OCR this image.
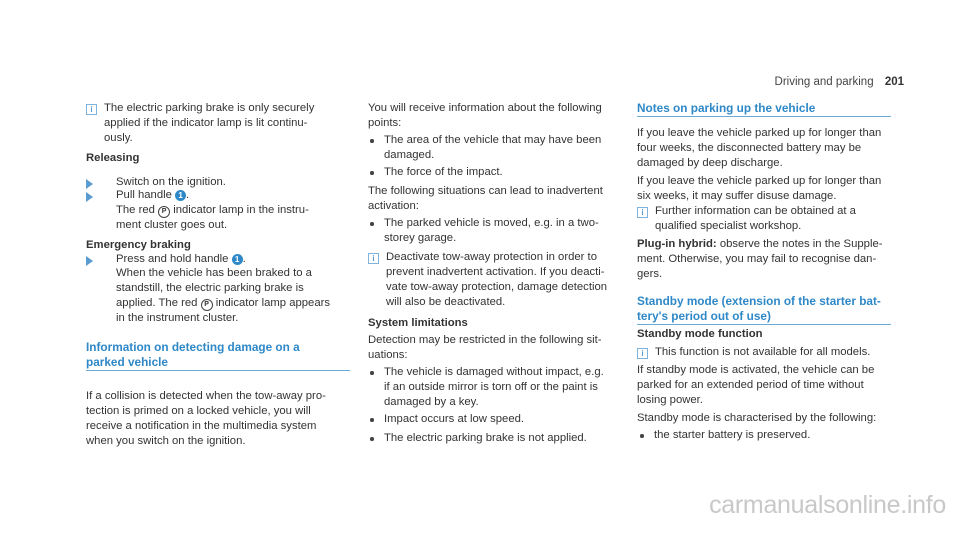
Driving and parking 201
i	The electric parking brake is only securely
applied if the indicator lamp is lit continu-
ously.
Releasing
Switch on the ignition.
Pull handle 1 .
The red P indicator lamp in the instru-
ment cluster goes out.
Emergency braking
Press and hold handle 1 .
When the vehicle has been braked to a
standstill, the electric parking brake is
applied. The red P indicator lamp appears
in the instrument cluster.
Information on detecting damage on a
parked vehicle
If a collision is detected when the tow-away pro-
tection is primed on a locked vehicle, you will
receive a notification in the multimedia system
when you switch on the ignition.
You will receive information about the following
points:
The area of the vehicle that may have been
damaged.
The force of the impact.
The following situations can lead to inadvertent
activation:
The parked vehicle is moved, e.g. in a two-
storey garage.
i	Deactivate tow-away protection in order to
prevent inadvertent activation. If you deacti-
vate tow-away protection, damage detection
will also be deactivated.
System limitations
Detection may be restricted in the following sit-
uations:
The vehicle is damaged without impact, e.g.
if an outside mirror is torn off or the paint is
damaged by a key.
Impact occurs at low speed.
The electric parking brake is not applied.
Notes on parking up the vehicle
If you leave the vehicle parked up for longer than
four weeks, the disconnected battery may be
damaged by deep discharge.
If you leave the vehicle parked up for longer than
six weeks, it may suffer disuse damage.
i	Further information can be obtained at a
qualified specialist workshop.
Plug-in hybrid: observe the notes in the Supple-
ment. Otherwise, you may fail to recognise dan-
gers.
Standby mode (extension of the starter bat-
tery's period out of use)
Standby mode function
i	This function is not available for all models.
If standby mode is activated, the vehicle can be
parked for an extended period of time without
losing power.
Standby mode is characterised by the following:
the starter battery is preserved.
carmanualsonline.info
